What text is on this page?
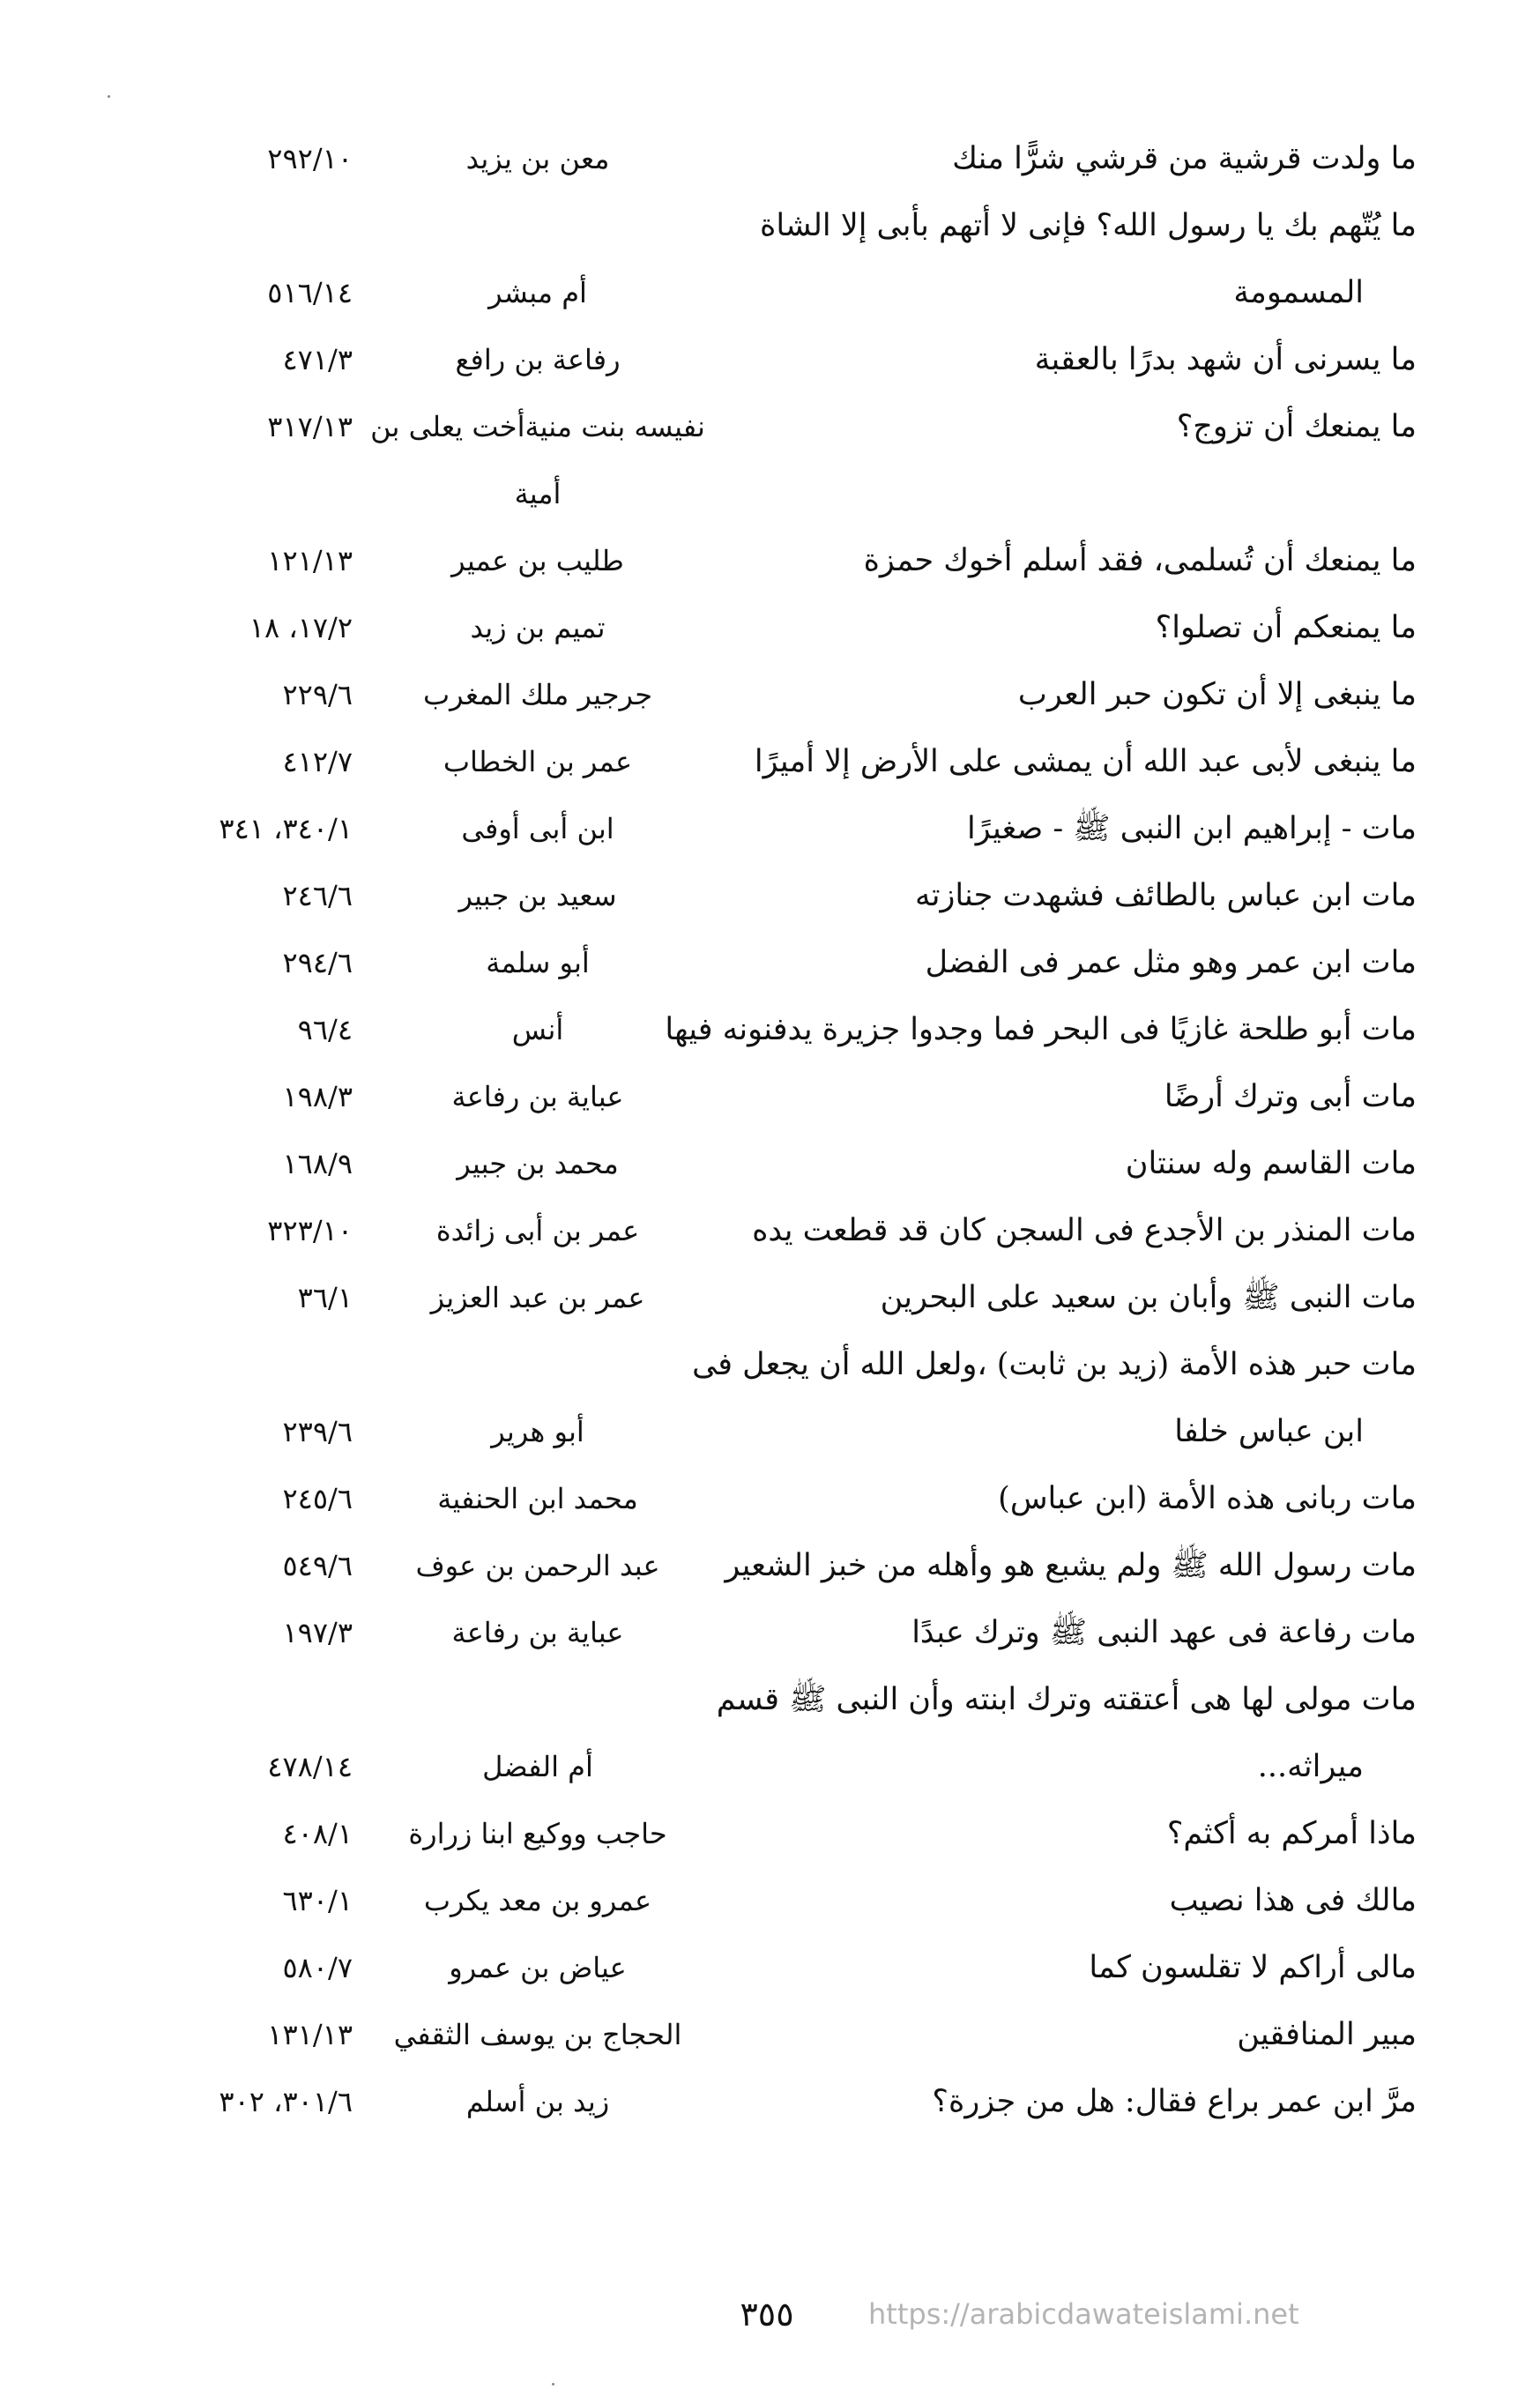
ما ولدت قرشية من قرشي شرًّا منك
معن بن يزيد
٢٩٢/١٠
ما يُتّهم بك يا رسول الله؟ فإنى لا أتهم بأبى إلا الشاة
المسمومة
أم مبشر
٥١٦/١٤
ما يسرنى أن شهد بدرًا بالعقبة
رفاعة بن رافع
٤٧١/٣
ما يمنعك أن تزوج؟
نفيسه بنت منيةأخت يعلى بن
٣١٧/١٣
أمية
ما يمنعك أن تُسلمى، فقد أسلم أخوك حمزة
طليب بن عمير
١٢١/١٣
ما يمنعكم أن تصلوا؟
تميم بن زيد
١٧/٢، ١٨
ما ينبغى إلا أن تكون حبر العرب
جرجير ملك المغرب
٢٢٩/٦
ما ينبغى لأبى عبد الله أن يمشى على الأرض إلا أميرًا
عمر بن الخطاب
٤١٢/٧
مات - إبراهيم ابن النبى ﷺ - صغيرًا
ابن أبى أوفى
٣٤٠/١، ٣٤١
مات ابن عباس بالطائف فشهدت جنازته
سعيد بن جبير
٢٤٦/٦
مات ابن عمر وهو مثل عمر فى الفضل
أبو سلمة
٢٩٤/٦
مات أبو طلحة غازيًا فى البحر فما وجدوا جزيرة يدفنونه فيها
أنس
٩٦/٤
مات أبى وترك أرضًا
عباية بن رفاعة
١٩٨/٣
مات القاسم وله سنتان
محمد بن جبير
١٦٨/٩
مات المنذر بن الأجدع فى السجن كان قد قطعت يده
عمر بن أبى زائدة
٣٢٣/١٠
مات النبى ﷺ وأبان بن سعيد على البحرين
عمر بن عبد العزيز
٣٦/١
مات حبر هذه الأمة (زيد بن ثابت) ،ولعل الله أن يجعل فى
ابن عباس خلفا
أبو هرير
٢٣٩/٦
مات ربانى هذه الأمة (ابن عباس)
محمد ابن الحنفية
٢٤٥/٦
مات رسول الله ﷺ ولم يشبع هو وأهله من خبز الشعير
عبد الرحمن بن عوف
٥٤٩/٦
مات رفاعة فى عهد النبى ﷺ وترك عبدًا
عباية بن رفاعة
١٩٧/٣
مات مولى لها هى أعتقته وترك ابنته وأن النبى ﷺ قسم
ميراثه...
أم الفضل
٤٧٨/١٤
ماذا أمركم به أكثم؟
حاجب ووكيع ابنا زرارة
٤٠٨/١
مالك فى هذا نصيب
عمرو بن معد يكرب
٦٣٠/١
مالى أراكم لا تقلسون كما
عياض بن عمرو
٥٨٠/٧
مبير المنافقين
الحجاج بن يوسف الثقفي
١٣١/١٣
مرَّ ابن عمر براع فقال: هل من جزرة؟
زيد بن أسلم
٣٠١/٦، ٣٠٢
٣٥٥	https://arabicdawateislami.net
